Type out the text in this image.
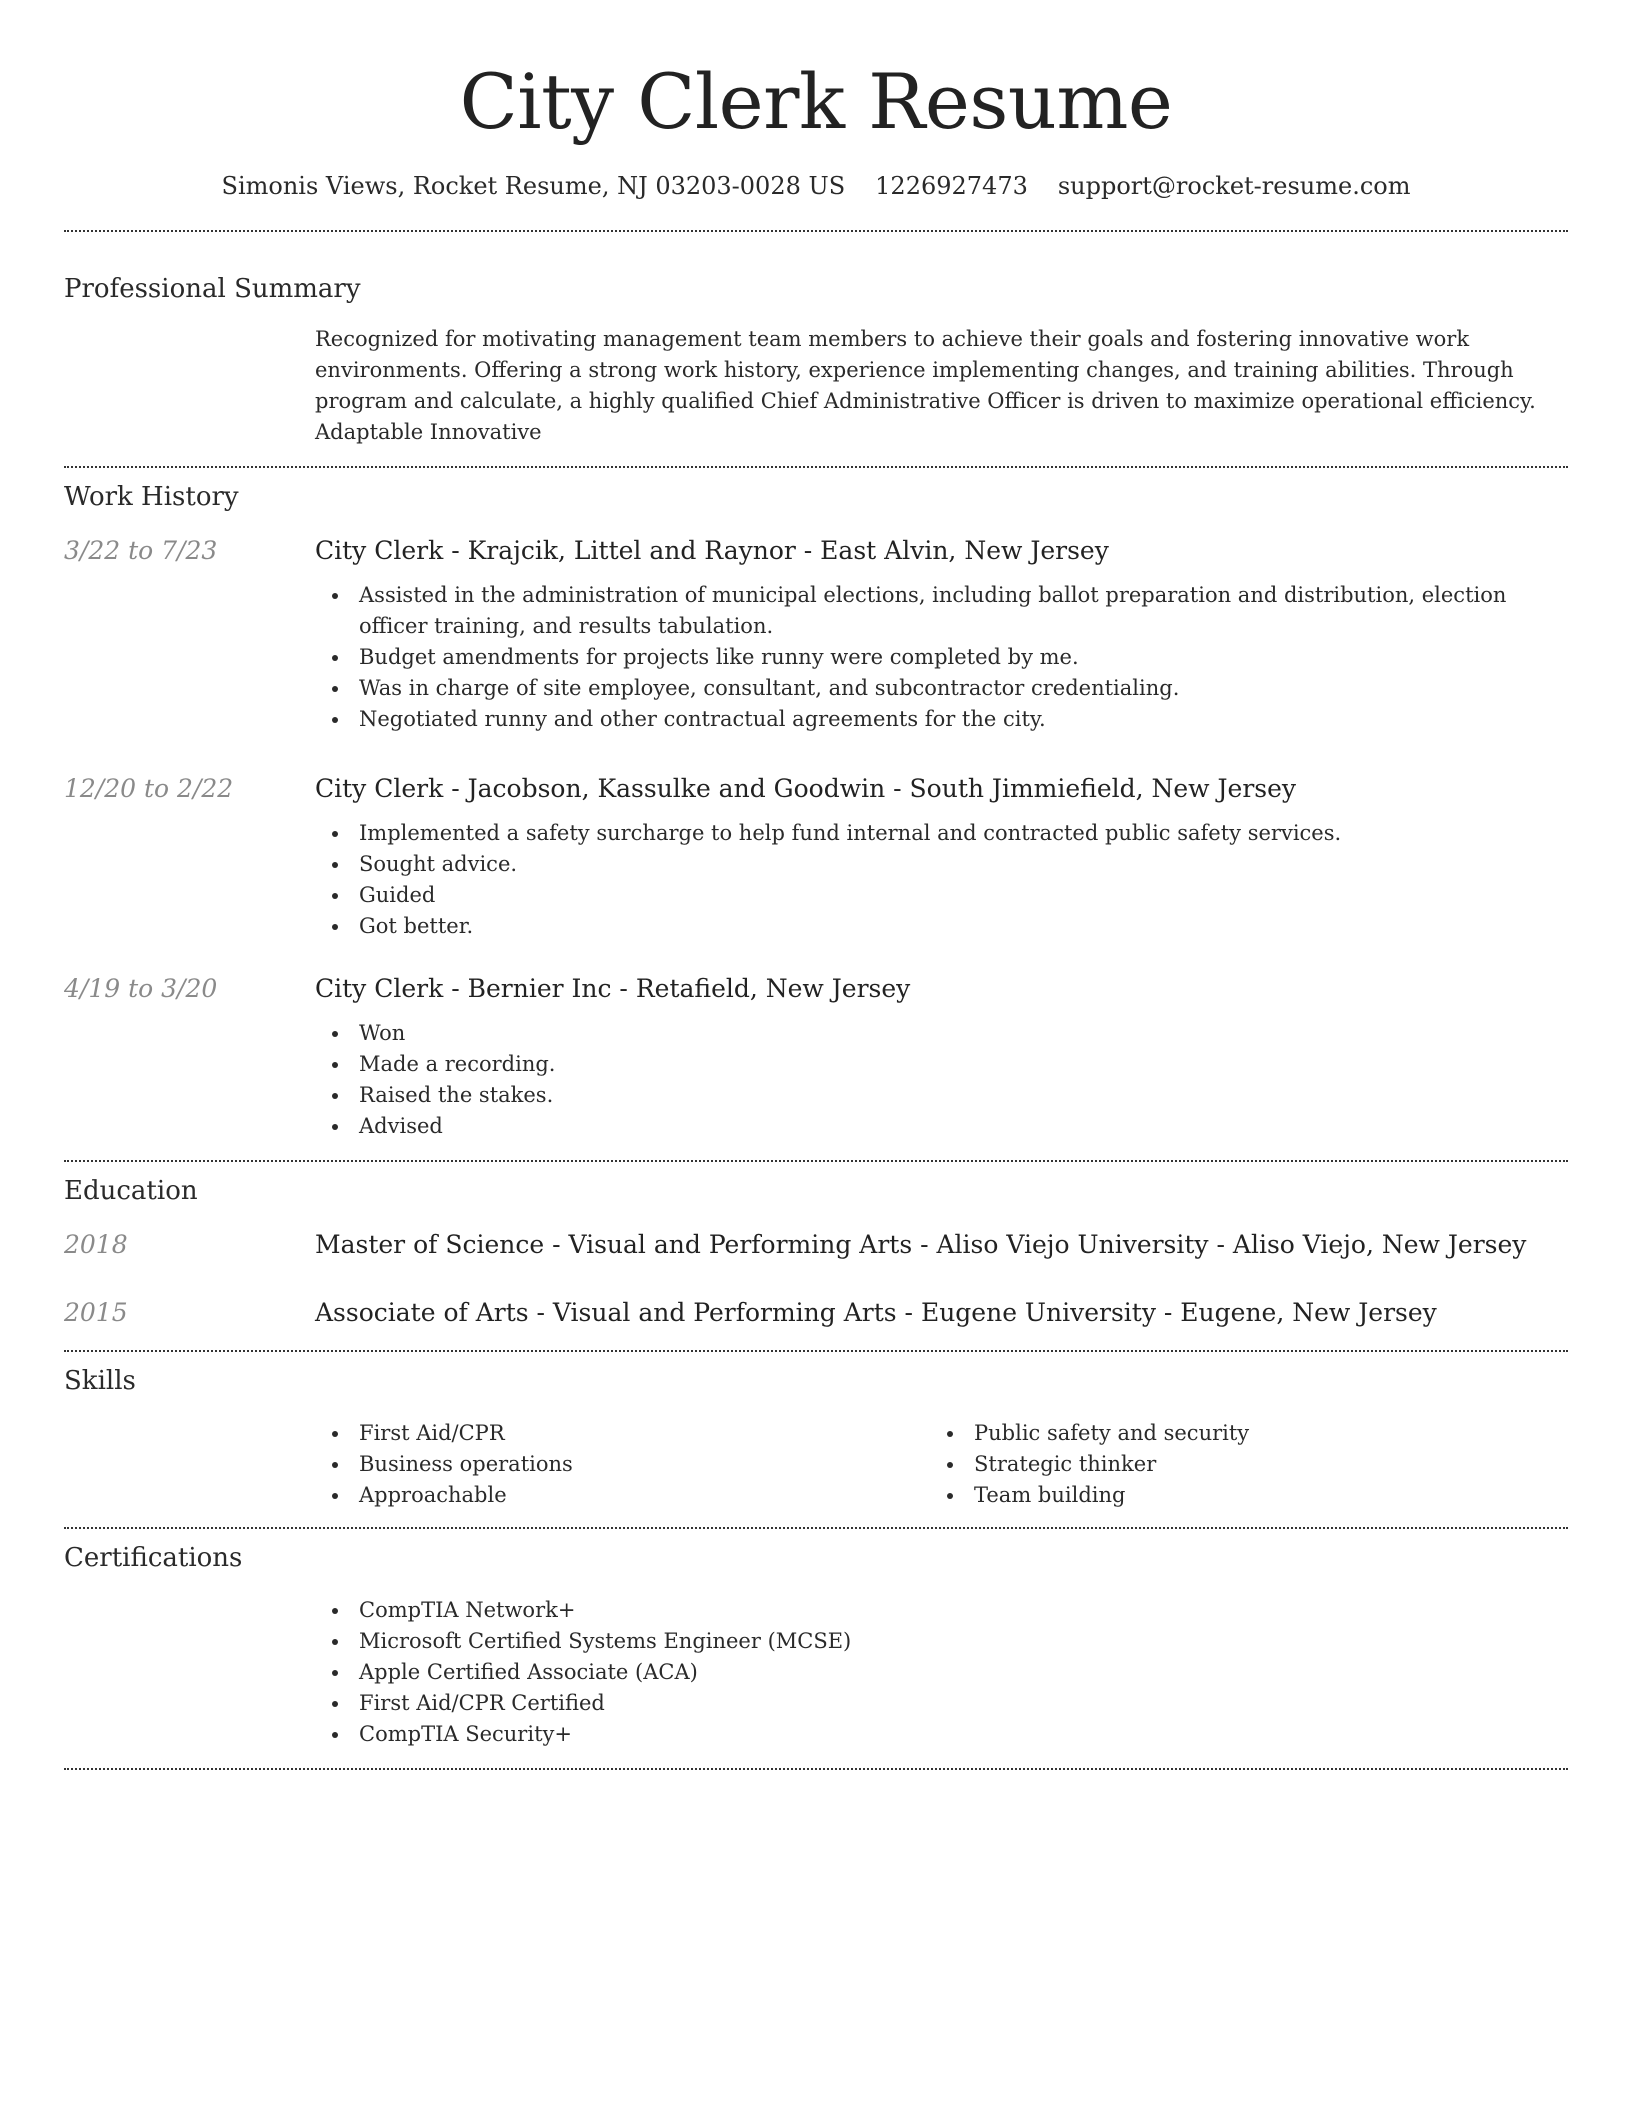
City Clerk Resume
Simonis Views, Rocket Resume, NJ 03203-0028 US 1226927473 support@rocket-resume.com
Professional Summary

Recognized for motivating management team members to achieve their goals and fostering innovative work environments. Offering a strong work history, experience implementing changes, and training abilities. Through program and calculate, a highly qualified Chief Administrative Officer is driven to maximize operational efficiency. Adaptable Innovative

Work History
3/22 to 7/23	City Clerk - Krajcik, Littel and Raynor - East Alvin, New Jersey
Assisted in the administration of municipal elections, including ballot preparation and distribution, election officer training, and results tabulation.
Budget amendments for projects like runny were completed by me.
Was in charge of site employee, consultant, and subcontractor credentialing.
Negotiated runny and other contractual agreements for the city.
12/20 to 2/22	City Clerk - Jacobson, Kassulke and Goodwin - South Jimmiefield, New Jersey
Implemented a safety surcharge to help fund internal and contracted public safety services.
Sought advice.
Guided
Got better.
4/19 to 3/20	City Clerk - Bernier Inc - Retafield, New Jersey
Won
Made a recording.
Raised the stakes.
Advised
Education
2018	Master of Science - Visual and Performing Arts - Aliso Viejo University - Aliso Viejo, New Jersey
2015	Associate of Arts - Visual and Performing Arts - Eugene University - Eugene, New Jersey
Skills
First Aid/CPR
Business operations
Approachable
Public safety and security
Strategic thinker
Team building
Certifications
CompTIA Network+
Microsoft Certified Systems Engineer (MCSE)
Apple Certified Associate (ACA)
First Aid/CPR Certified
CompTIA Security+
